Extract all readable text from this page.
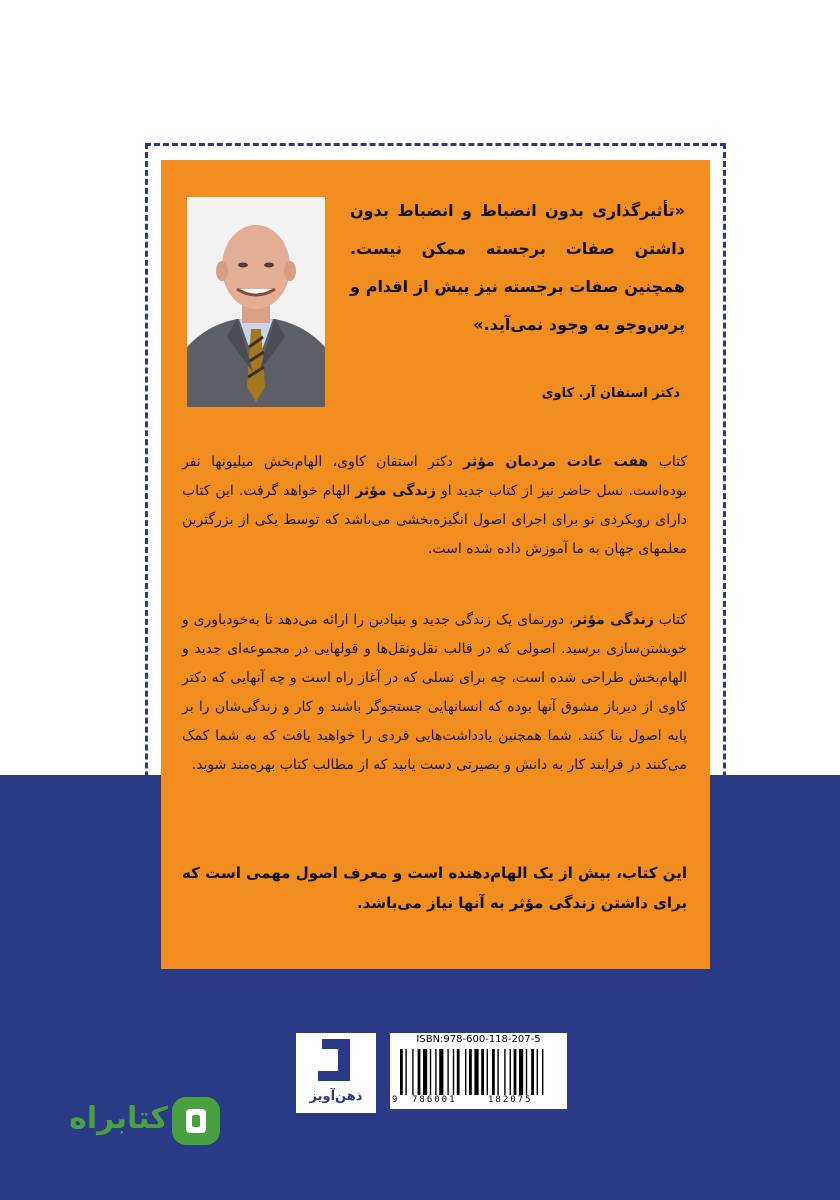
«تأثیرگذاری بدون انضباط و انضباط بدون داشتن صفات برجسته ممکن نیست. همچنین صفات برجسته نیز پیش از اقدام و پرس‌وجو به وجود نمی‌آید.»
دکتر استفان آر. کاوی
کتاب هفت عادت مردمان مؤثر دکتر استفان کاوی، الهام‌بخش میلیونها نفر بوده‌است. نسل حاضر نیز از کتاب جدید او زندگی مؤثر الهام خواهد گرفت. این کتاب دارای رویکردی نو برای اجرای اصول انگیزه‌بخشی می‌باشد که توسط یکی از بزرگترین معلمهای جهان به ما آموزش داده شده است.
کتاب زندگی مؤثر، دورنمای یک زندگی جدید و بنیادین را ارائه می‌دهد تا به‌خودباوری و خویشتن‌سازی برسید. اصولی که در قالب نقل‌ونقل‌ها و قولهایی در مجموعه‌ای جدید و الهام‌بخش طراحی شده است، چه برای نسلی که در آغاز راه است و چه آنهایی که دکتر کاوی از دیرباز مشوق آنها بوده که انسانهایی جستجوگر باشند و کار و زندگی‌شان را بر پایه اصول بنا کنند. شما همچنین یادداشت‌هایی فردی را خواهید یافت که به شما کمک می‌کنند در فرایند کار به دانش و بصیرتی دست یابید که از مطالب کتاب بهره‌مند شوید.
این کتاب، بیش از یک الهام‌دهنده است و معرف اصول مهمی است که برای داشتن زندگی مؤثر به آنها نیاز می‌باشد.
ذهن‌آویز
ISBN:978-600-118-207-5
9 786001	182075
کتابراه
